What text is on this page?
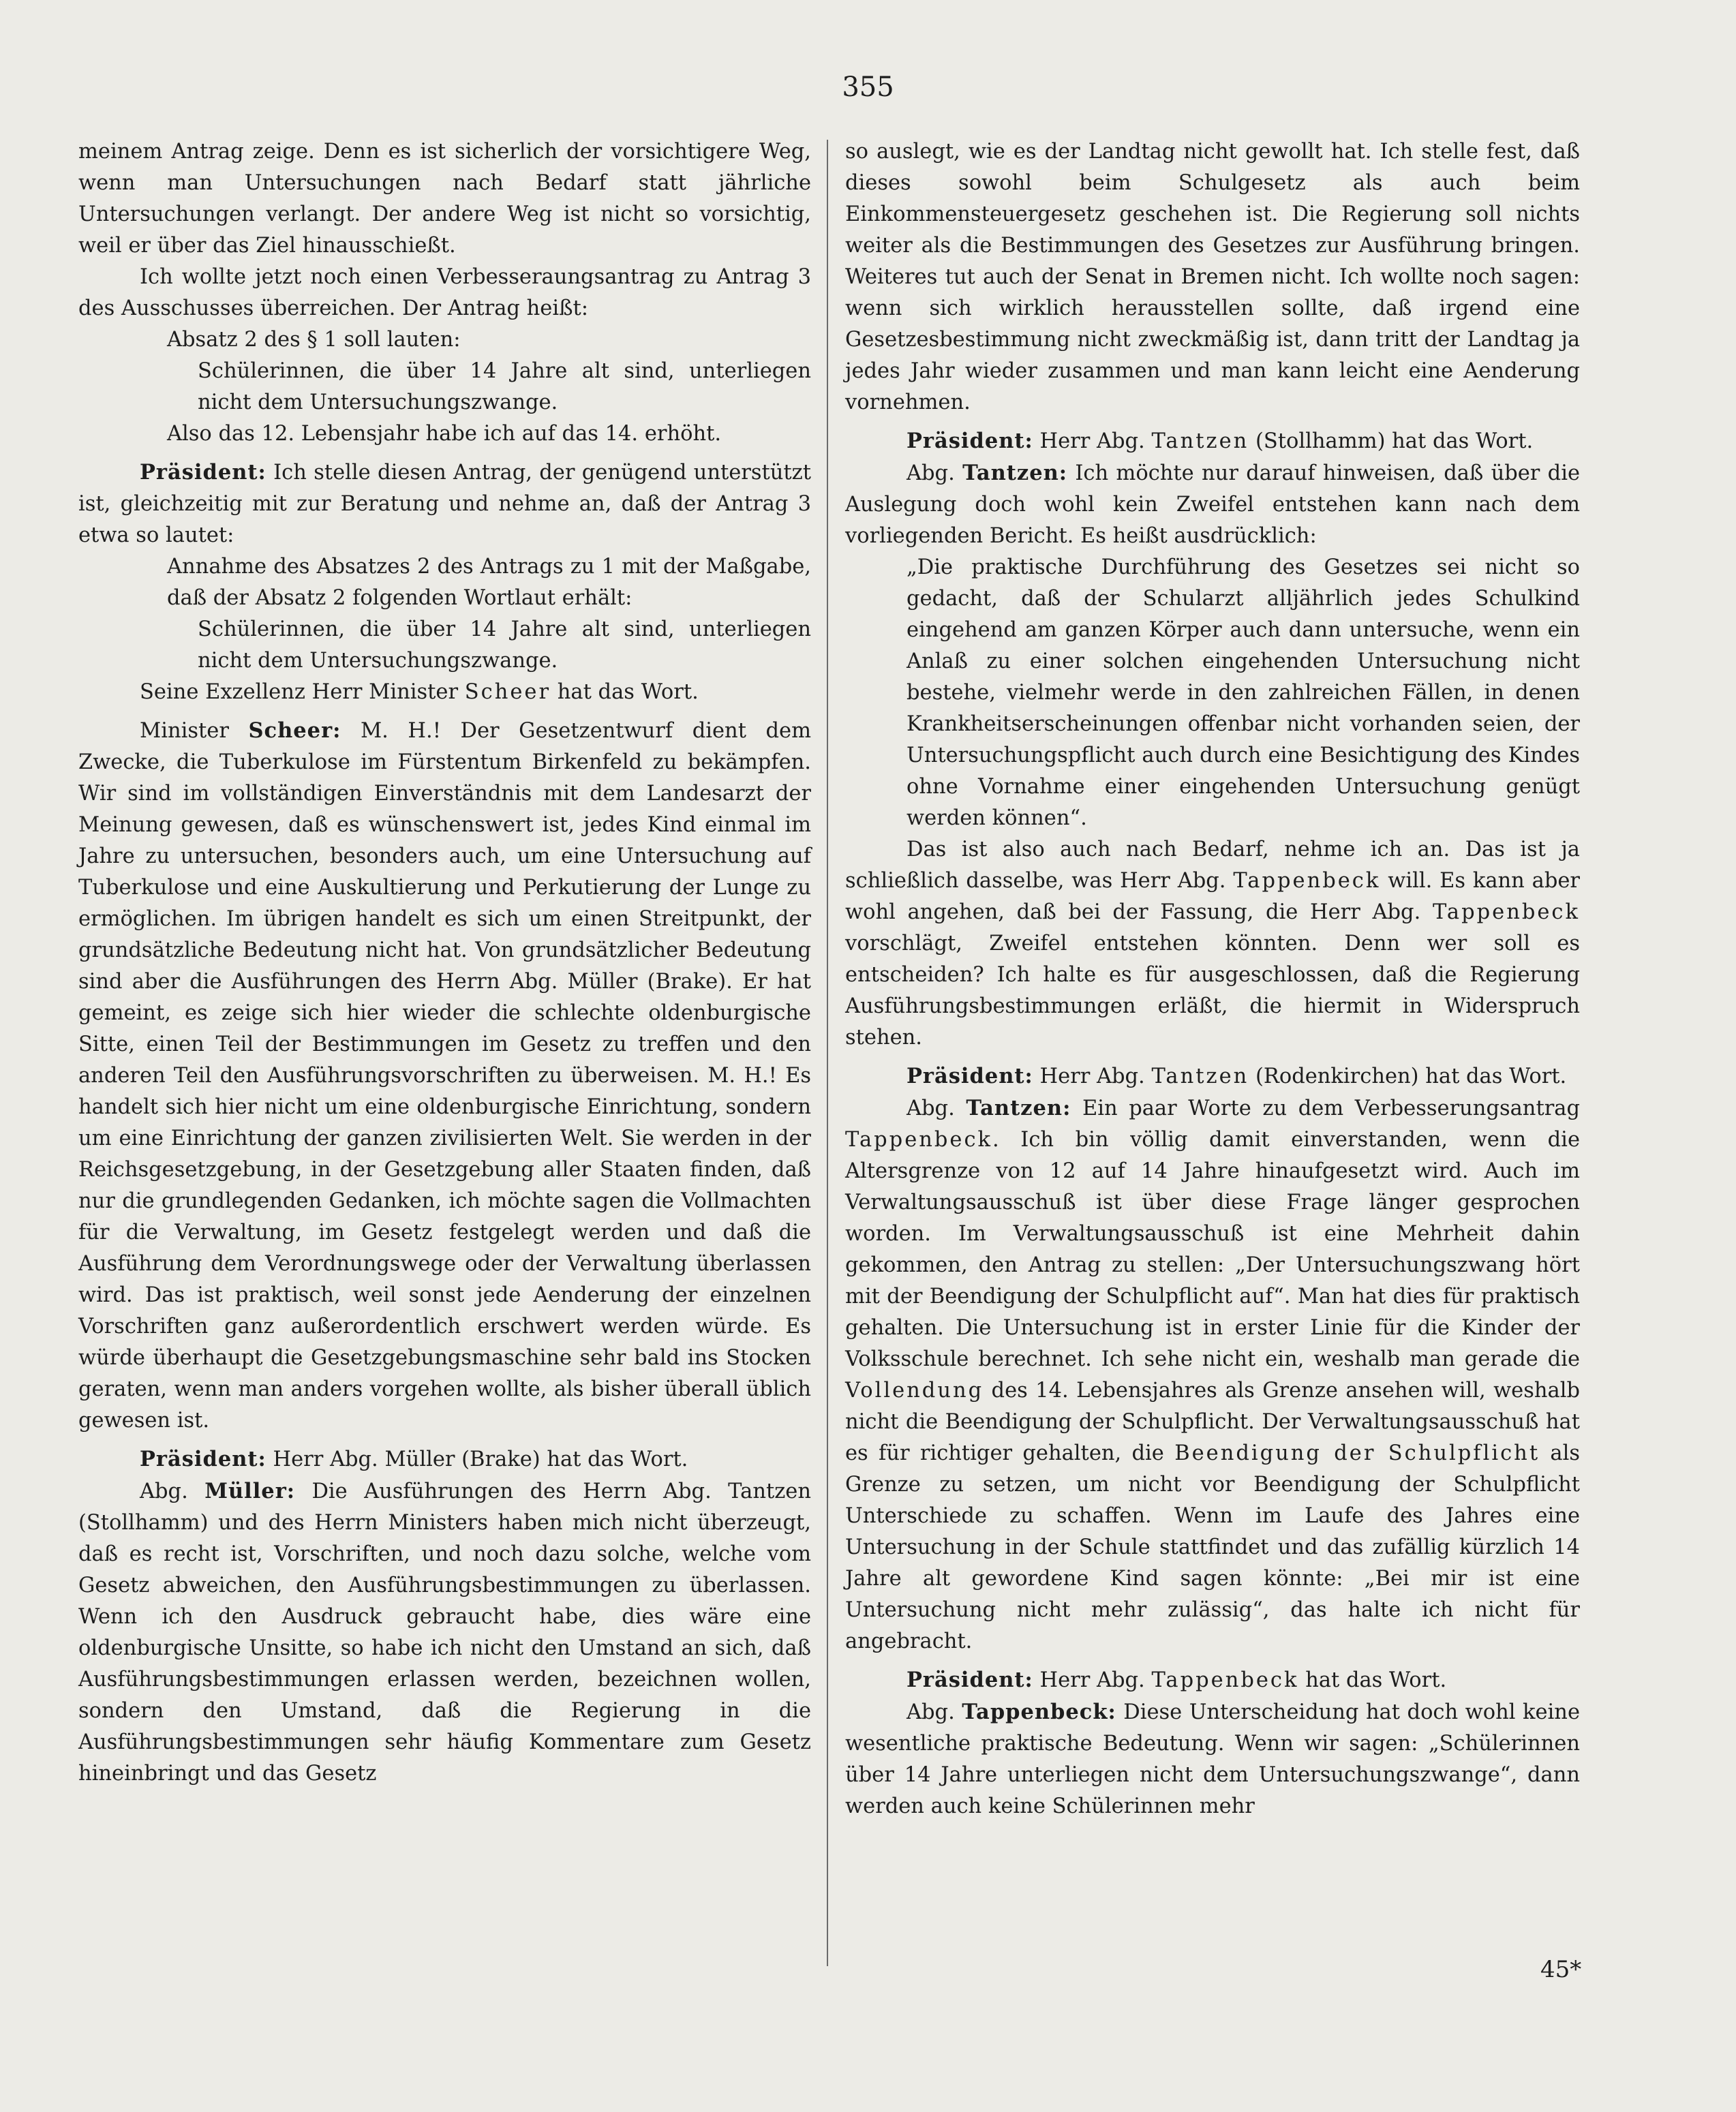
355

meinem Antrag zeige. Denn es ist sicherlich der vorsichtigere Weg, wenn man Untersuchungen nach Bedarf statt jährliche Untersuchungen verlangt. Der andere Weg ist nicht so vorsichtig, weil er über das Ziel hinausschießt.

Ich wollte jetzt noch einen Verbesseraungsantrag zu Antrag 3 des Ausschusses überreichen. Der Antrag heißt:

Absatz 2 des § 1 soll lauten:

Schülerinnen, die über 14 Jahre alt sind, unterliegen nicht dem Untersuchungszwange.

Also das 12. Lebensjahr habe ich auf das 14. erhöht.

Präsident: Ich stelle diesen Antrag, der genügend unterstützt ist, gleichzeitig mit zur Beratung und nehme an, daß der Antrag 3 etwa so lautet:

Annahme des Absatzes 2 des Antrags zu 1 mit der Maßgabe, daß der Absatz 2 folgenden Wortlaut erhält:

Schülerinnen, die über 14 Jahre alt sind, unterliegen nicht dem Untersuchungszwange.

Seine Exzellenz Herr Minister Scheer hat das Wort.

Minister Scheer: M. H.! Der Gesetzentwurf dient dem Zwecke, die Tuberkulose im Fürstentum Birkenfeld zu bekämpfen. Wir sind im vollständigen Einverständnis mit dem Landesarzt der Meinung gewesen, daß es wünschenswert ist, jedes Kind einmal im Jahre zu untersuchen, besonders auch, um eine Untersuchung auf Tuberkulose und eine Auskultierung und Perkutierung der Lunge zu ermöglichen. Im übrigen handelt es sich um einen Streitpunkt, der grundsätzliche Bedeutung nicht hat. Von grundsätzlicher Bedeutung sind aber die Ausführungen des Herrn Abg. Müller (Brake). Er hat gemeint, es zeige sich hier wieder die schlechte oldenburgische Sitte, einen Teil der Bestimmungen im Gesetz zu treffen und den anderen Teil den Ausführungsvorschriften zu überweisen. M. H.! Es handelt sich hier nicht um eine oldenburgische Einrichtung, sondern um eine Einrichtung der ganzen zivilisierten Welt. Sie werden in der Reichsgesetzgebung, in der Gesetzgebung aller Staaten finden, daß nur die grundlegenden Gedanken, ich möchte sagen die Vollmachten für die Verwaltung, im Gesetz festgelegt werden und daß die Ausführung dem Verordnungswege oder der Verwaltung überlassen wird. Das ist praktisch, weil sonst jede Aenderung der einzelnen Vorschriften ganz außerordentlich erschwert werden würde. Es würde überhaupt die Gesetzgebungsmaschine sehr bald ins Stocken geraten, wenn man anders vorgehen wollte, als bisher überall üblich gewesen ist.

Präsident: Herr Abg. Müller (Brake) hat das Wort.

Abg. Müller: Die Ausführungen des Herrn Abg. Tantzen (Stollhamm) und des Herrn Ministers haben mich nicht überzeugt, daß es recht ist, Vorschriften, und noch dazu solche, welche vom Gesetz abweichen, den Ausführungsbestimmungen zu überlassen. Wenn ich den Ausdruck gebraucht habe, dies wäre eine oldenburgische Unsitte, so habe ich nicht den Umstand an sich, daß Ausführungsbestimmungen erlassen werden, bezeichnen wollen, sondern den Umstand, daß die Regierung in die Ausführungsbestimmungen sehr häufig Kommentare zum Gesetz hineinbringt und das Gesetz

so auslegt, wie es der Landtag nicht gewollt hat. Ich stelle fest, daß dieses sowohl beim Schulgesetz als auch beim Einkommensteuergesetz geschehen ist. Die Regierung soll nichts weiter als die Bestimmungen des Gesetzes zur Ausführung bringen. Weiteres tut auch der Senat in Bremen nicht. Ich wollte noch sagen: wenn sich wirklich herausstellen sollte, daß irgend eine Gesetzesbestimmung nicht zweckmäßig ist, dann tritt der Landtag ja jedes Jahr wieder zusammen und man kann leicht eine Aenderung vornehmen.

Präsident: Herr Abg. Tantzen (Stollhamm) hat das Wort.

Abg. Tantzen: Ich möchte nur darauf hinweisen, daß über die Auslegung doch wohl kein Zweifel entstehen kann nach dem vorliegenden Bericht. Es heißt ausdrücklich:

„Die praktische Durchführung des Gesetzes sei nicht so gedacht, daß der Schularzt alljährlich jedes Schulkind eingehend am ganzen Körper auch dann untersuche, wenn ein Anlaß zu einer solchen eingehenden Untersuchung nicht bestehe, vielmehr werde in den zahlreichen Fällen, in denen Krankheitserscheinungen offenbar nicht vorhanden seien, der Untersuchungspflicht auch durch eine Besichtigung des Kindes ohne Vornahme einer eingehenden Untersuchung genügt werden können“.

Das ist also auch nach Bedarf, nehme ich an. Das ist ja schließlich dasselbe, was Herr Abg. Tappenbeck will. Es kann aber wohl angehen, daß bei der Fassung, die Herr Abg. Tappenbeck vorschlägt, Zweifel entstehen könnten. Denn wer soll es entscheiden? Ich halte es für ausgeschlossen, daß die Regierung Ausführungsbestimmungen erläßt, die hiermit in Widerspruch stehen.

Präsident: Herr Abg. Tantzen (Rodenkirchen) hat das Wort.

Abg. Tantzen: Ein paar Worte zu dem Verbesserungsantrag Tappenbeck. Ich bin völlig damit einverstanden, wenn die Altersgrenze von 12 auf 14 Jahre hinaufgesetzt wird. Auch im Verwaltungsausschuß ist über diese Frage länger gesprochen worden. Im Verwaltungsausschuß ist eine Mehrheit dahin gekommen, den Antrag zu stellen: „Der Untersuchungszwang hört mit der Beendigung der Schulpflicht auf“. Man hat dies für praktisch gehalten. Die Untersuchung ist in erster Linie für die Kinder der Volksschule berechnet. Ich sehe nicht ein, weshalb man gerade die Vollendung des 14. Lebensjahres als Grenze ansehen will, weshalb nicht die Beendigung der Schulpflicht. Der Verwaltungsausschuß hat es für richtiger gehalten, die Beendigung der Schulpflicht als Grenze zu setzen, um nicht vor Beendigung der Schulpflicht Unterschiede zu schaffen. Wenn im Laufe des Jahres eine Untersuchung in der Schule stattfindet und das zufällig kürzlich 14 Jahre alt gewordene Kind sagen könnte: „Bei mir ist eine Untersuchung nicht mehr zulässig“, das halte ich nicht für angebracht.

Präsident: Herr Abg. Tappenbeck hat das Wort.

Abg. Tappenbeck: Diese Unterscheidung hat doch wohl keine wesentliche praktische Bedeutung. Wenn wir sagen: „Schülerinnen über 14 Jahre unterliegen nicht dem Untersuchungszwange“, dann werden auch keine Schülerinnen mehr

45*
